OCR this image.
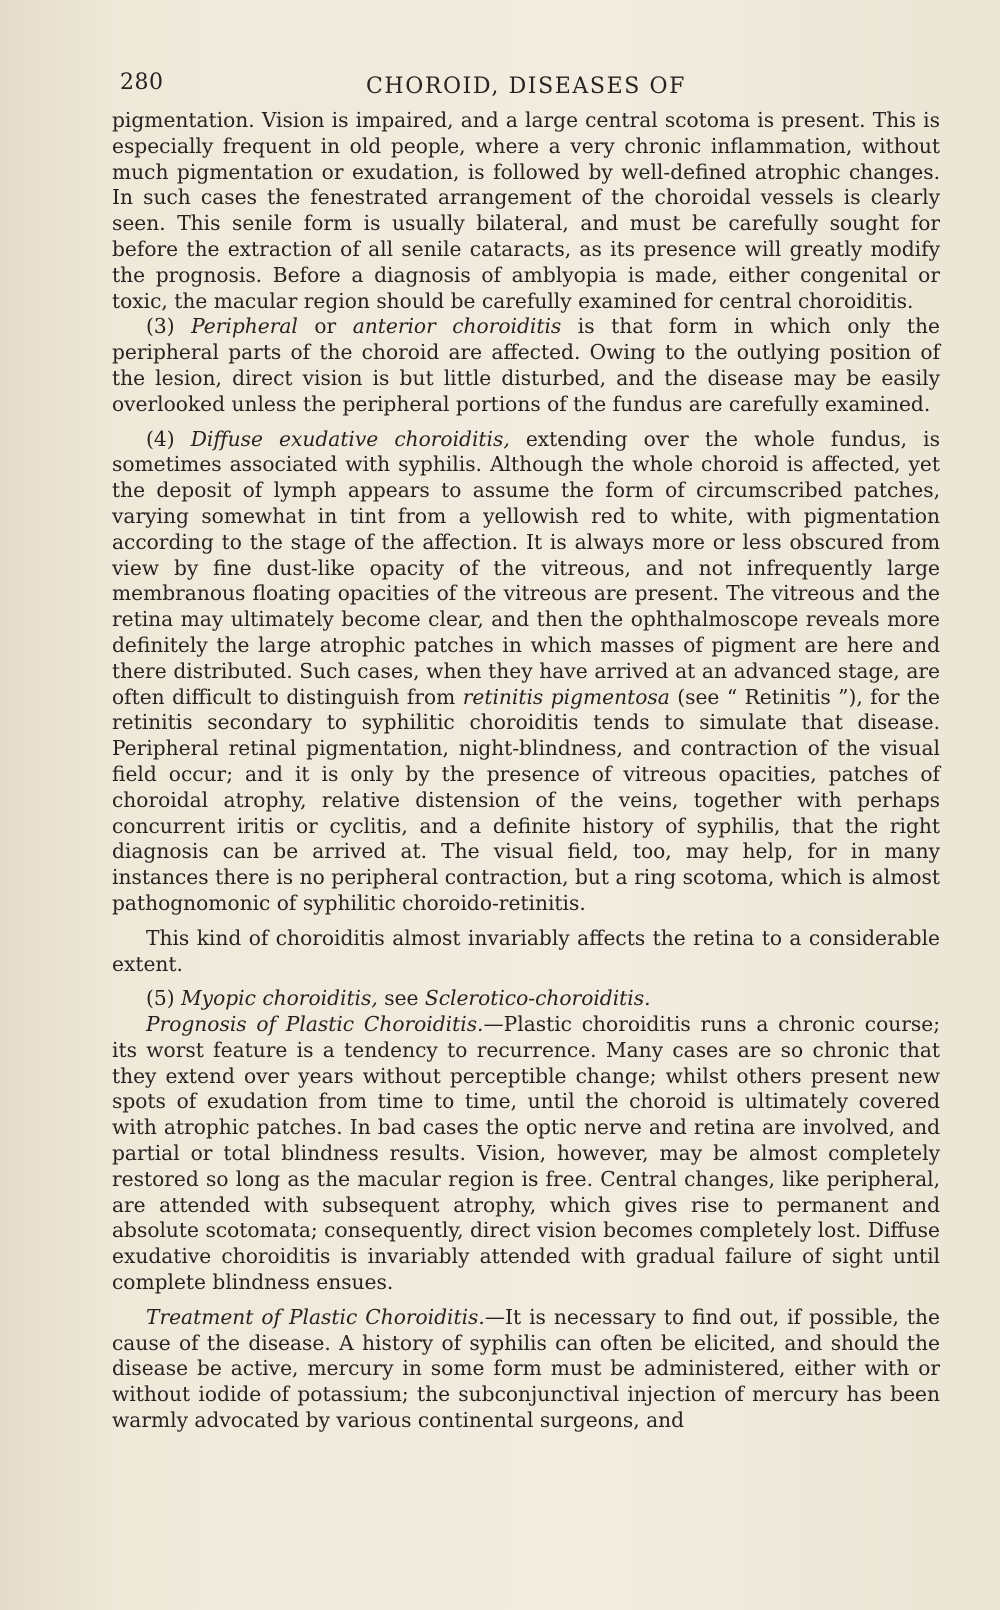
280	CHOROID, DISEASES OF

pigmentation. Vision is impaired, and a large central scotoma is present. This is especially frequent in old people, where a very chronic inflammation, without much pigmentation or exudation, is followed by well-defined atrophic changes. In such cases the fenestrated arrangement of the choroidal vessels is clearly seen. This senile form is usually bilateral, and must be carefully sought for before the extraction of all senile cataracts, as its presence will greatly modify the prognosis. Before a diagnosis of amblyopia is made, either congenital or toxic, the macular region should be carefully examined for central choroiditis.

(3) Peripheral or anterior choroiditis is that form in which only the peripheral parts of the choroid are affected. Owing to the outlying position of the lesion, direct vision is but little disturbed, and the disease may be easily overlooked unless the peripheral portions of the fundus are carefully examined.

(4) Diffuse exudative choroiditis, extending over the whole fundus, is sometimes associated with syphilis. Although the whole choroid is affected, yet the deposit of lymph appears to assume the form of circumscribed patches, varying somewhat in tint from a yellowish red to white, with pigmentation according to the stage of the affection. It is always more or less obscured from view by fine dust-like opacity of the vitreous, and not infrequently large membranous floating opacities of the vitreous are present. The vitreous and the retina may ultimately become clear, and then the ophthalmoscope reveals more definitely the large atrophic patches in which masses of pigment are here and there distributed. Such cases, when they have arrived at an advanced stage, are often difficult to distinguish from retinitis pigmentosa (see “ Retinitis ”), for the retinitis secondary to syphilitic choroiditis tends to simulate that disease. Peripheral retinal pigmentation, night-blindness, and contraction of the visual field occur; and it is only by the presence of vitreous opacities, patches of choroidal atrophy, relative distension of the veins, together with perhaps concurrent iritis or cyclitis, and a definite history of syphilis, that the right diagnosis can be arrived at. The visual field, too, may help, for in many instances there is no peripheral contraction, but a ring scotoma, which is almost pathognomonic of syphilitic choroido-retinitis.

This kind of choroiditis almost invariably affects the retina to a considerable extent.

(5) Myopic choroiditis, see Sclerotico-choroiditis.

Prognosis of Plastic Choroiditis.—Plastic choroiditis runs a chronic course; its worst feature is a tendency to recurrence. Many cases are so chronic that they extend over years without perceptible change; whilst others present new spots of exudation from time to time, until the choroid is ultimately covered with atrophic patches. In bad cases the optic nerve and retina are involved, and partial or total blindness results. Vision, however, may be almost completely restored so long as the macular region is free. Central changes, like peripheral, are attended with subsequent atrophy, which gives rise to permanent and absolute scotomata; consequently, direct vision becomes completely lost. Diffuse exudative choroiditis is invariably attended with gradual failure of sight until complete blindness ensues.

Treatment of Plastic Choroiditis.—It is necessary to find out, if possible, the cause of the disease. A history of syphilis can often be elicited, and should the disease be active, mercury in some form must be administered, either with or without iodide of potassium; the subconjunctival injection of mercury has been warmly advocated by various continental surgeons, and
